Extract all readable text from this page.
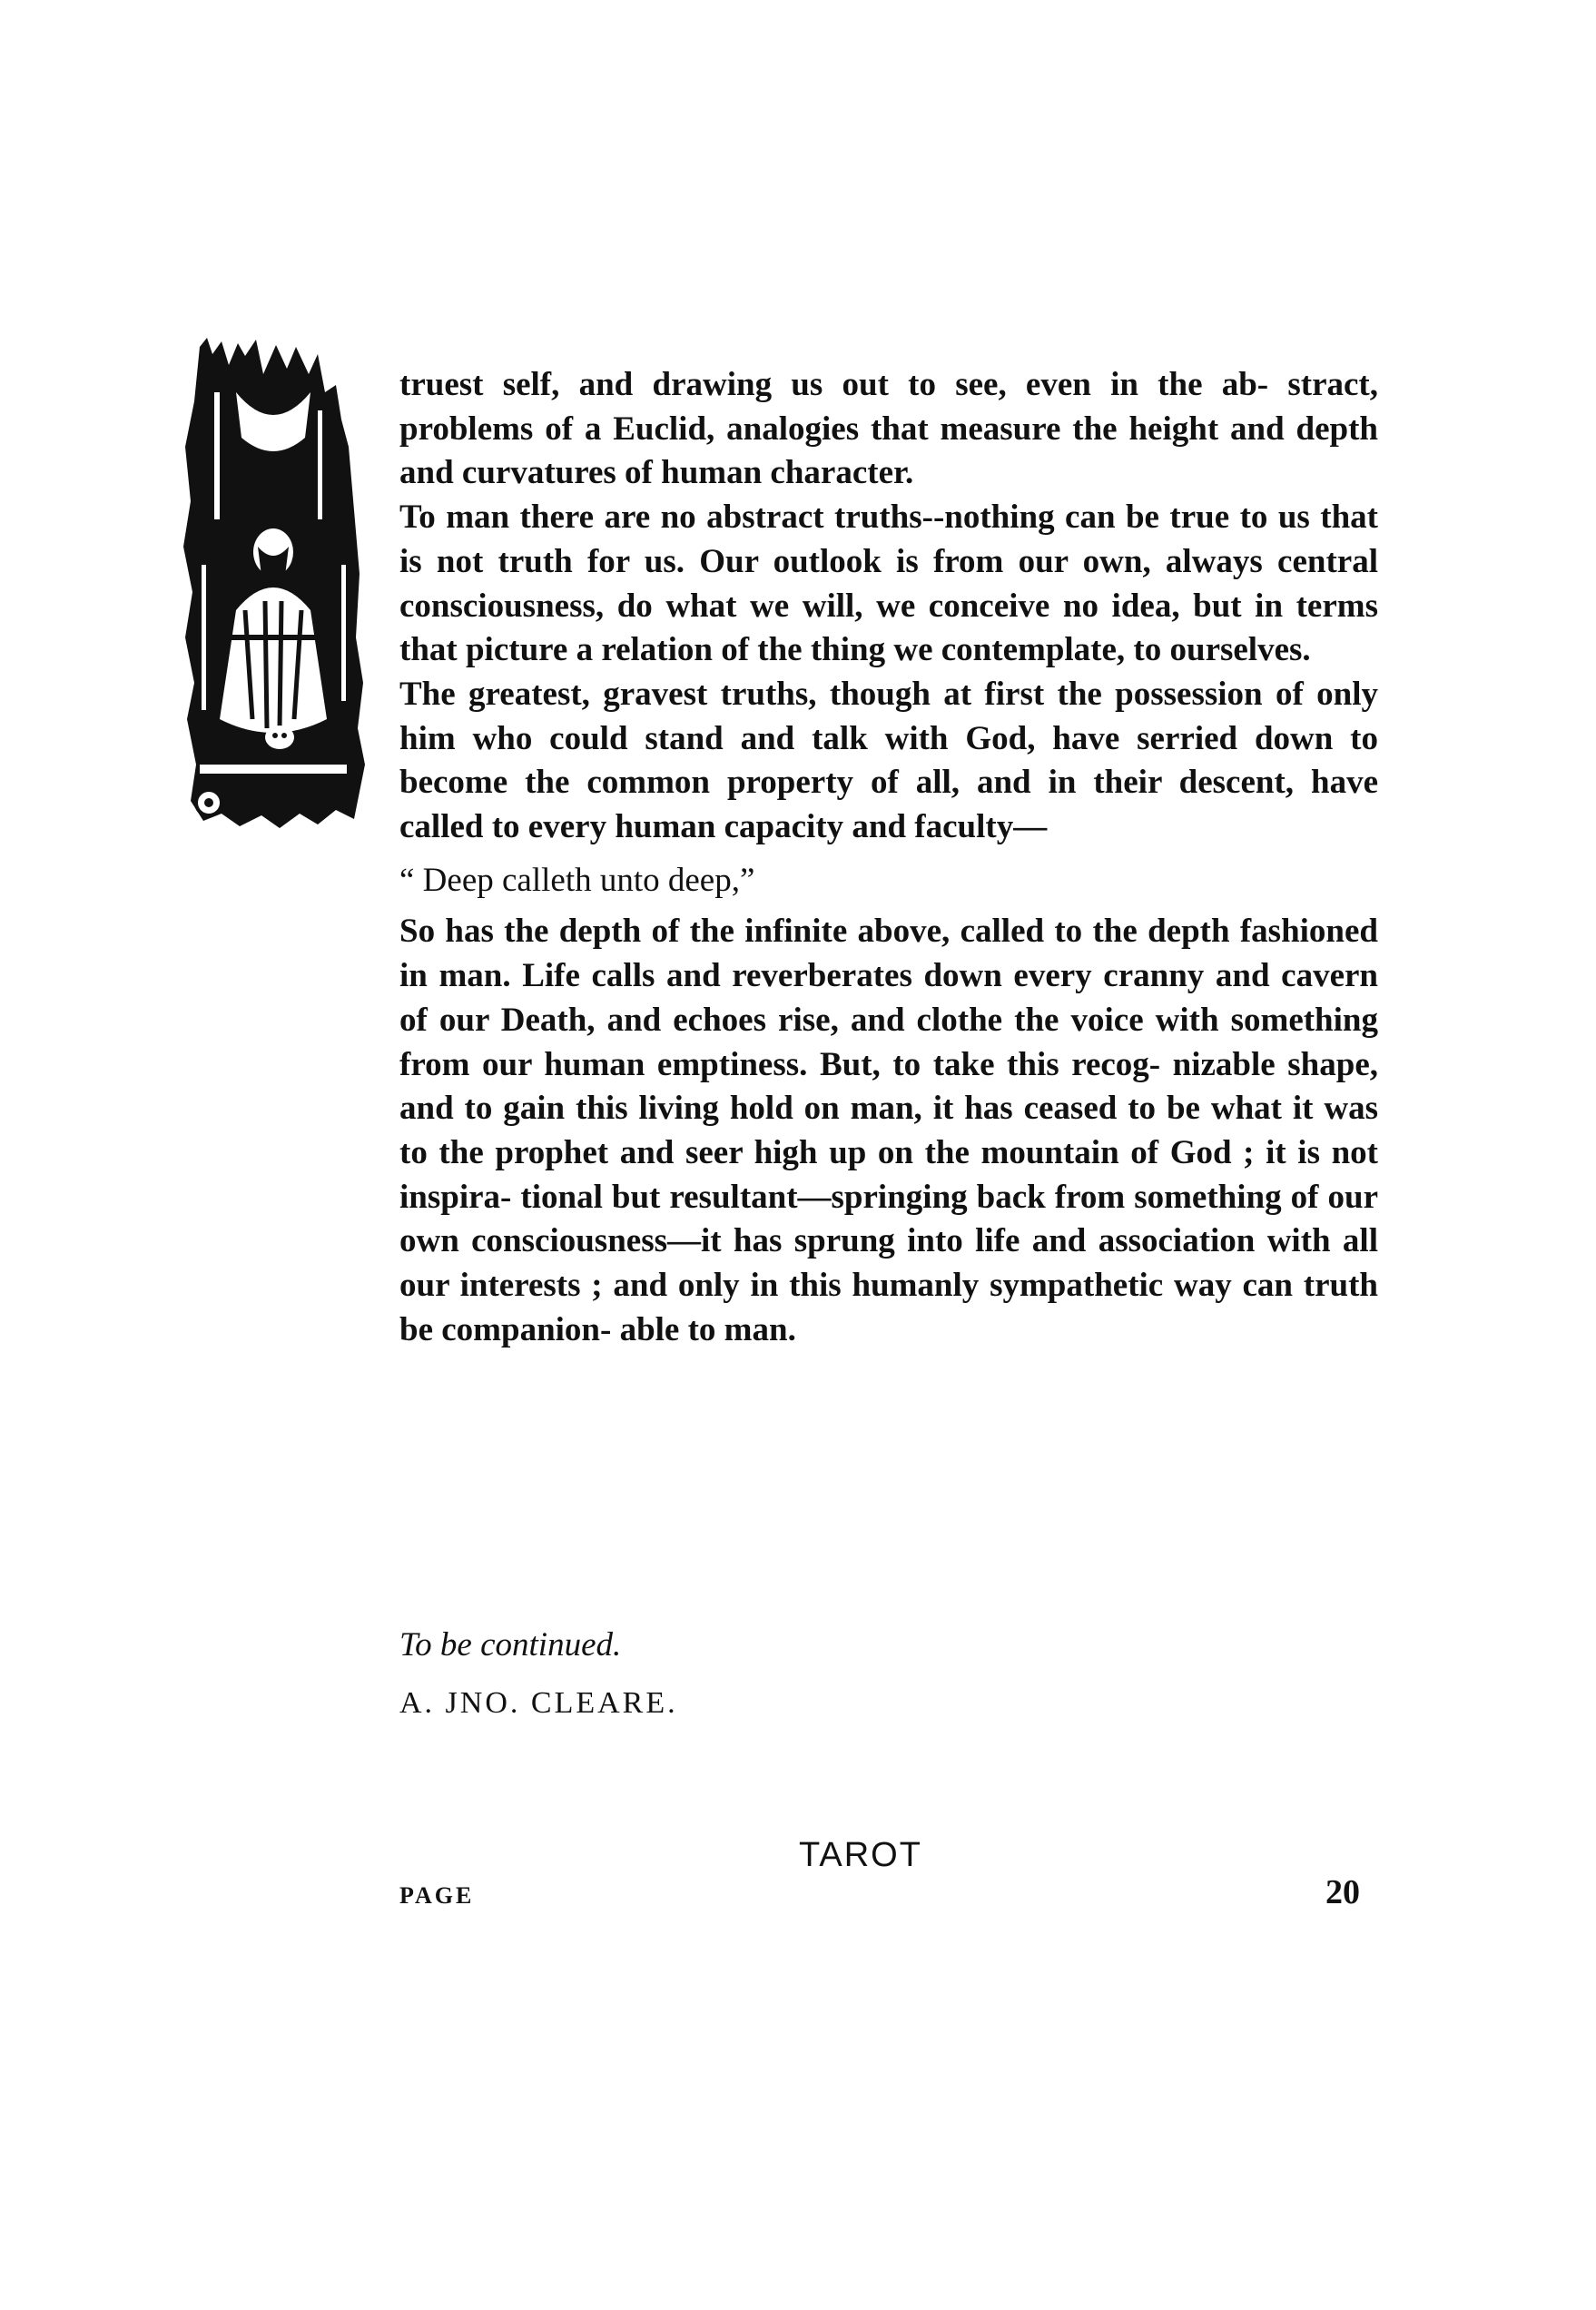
truest self, and drawing us out to see, even in the ab- stract, problems of a Euclid, analogies that measure the height and depth and curvatures of human character.

To man there are no abstract truths--nothing can be true to us that is not truth for us. Our outlook is from our own, always central consciousness, do what we will, we conceive no idea, but in terms that picture a relation of the thing we contemplate, to ourselves.

The greatest, gravest truths, though at first the possession of only him who could stand and talk with God, have serried down to become the common property of all, and in their descent, have called to every human capacity and faculty—

“ Deep calleth unto deep,”

So has the depth of the infinite above, called to the depth fashioned in man. Life calls and reverberates down every cranny and cavern of our Death, and echoes rise, and clothe the voice with something from our human emptiness. But, to take this recog- nizable shape, and to gain this living hold on man, it has ceased to be what it was to the prophet and seer high up on the mountain of God ; it is not inspira- tional but resultant—springing back from something of our own consciousness—it has sprung into life and association with all our interests ; and only in this humanly sympathetic way can truth be companion- able to man.

To be continued.
A. JNO. CLEARE.
TAROT
PAGE	20
